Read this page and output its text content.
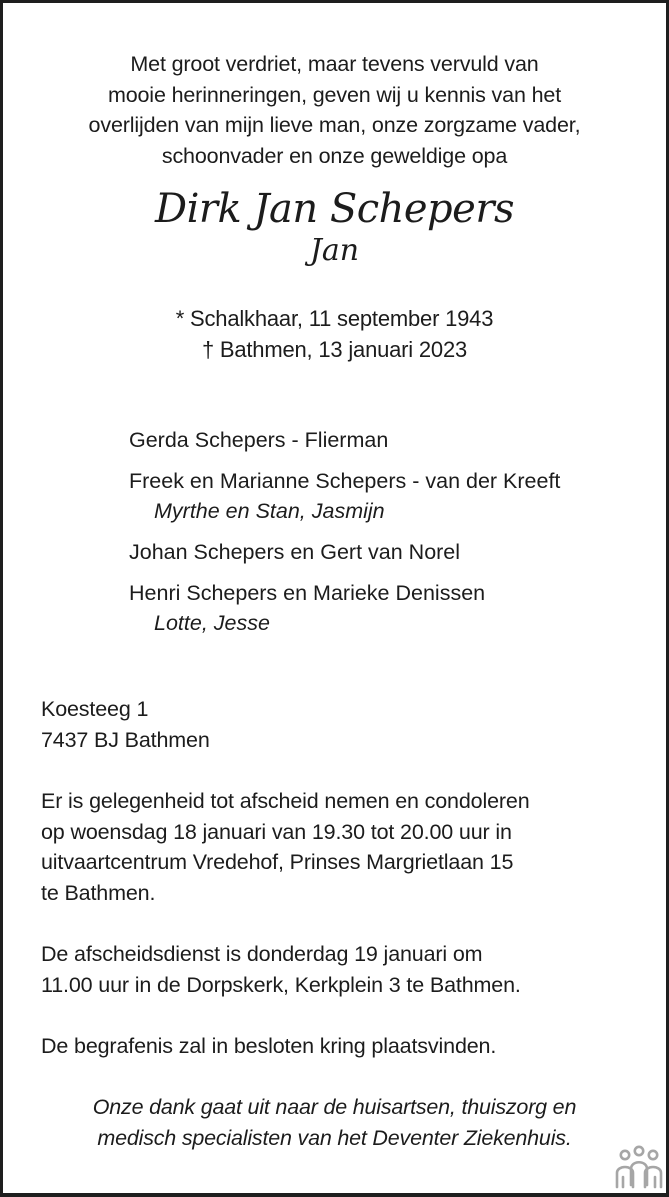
Met groot verdriet, maar tevens vervuld van
mooie herinneringen, geven wij u kennis van het
overlijden van mijn lieve man, onze zorgzame vader,
schoonvader en onze geweldige opa
Dirk Jan Schepers
Jan
* Schalkhaar, 11 september 1943
† Bathmen, 13 januari 2023
Gerda Schepers - Flierman
Freek en Marianne Schepers - van der Kreeft
Myrthe en Stan, Jasmijn
Johan Schepers en Gert van Norel
Henri Schepers en Marieke Denissen
Lotte, Jesse
Koesteeg 1
7437 BJ Bathmen
Er is gelegenheid tot afscheid nemen en condoleren
op woensdag 18 januari van 19.30 tot 20.00 uur in
uitvaartcentrum Vredehof, Prinses Margrietlaan 15
te Bathmen.
De afscheidsdienst is donderdag 19 januari om
11.00 uur in de Dorpskerk, Kerkplein 3 te Bathmen.
De begrafenis zal in besloten kring plaatsvinden.
Onze dank gaat uit naar de huisartsen, thuiszorg en
medisch specialisten van het Deventer Ziekenhuis.
